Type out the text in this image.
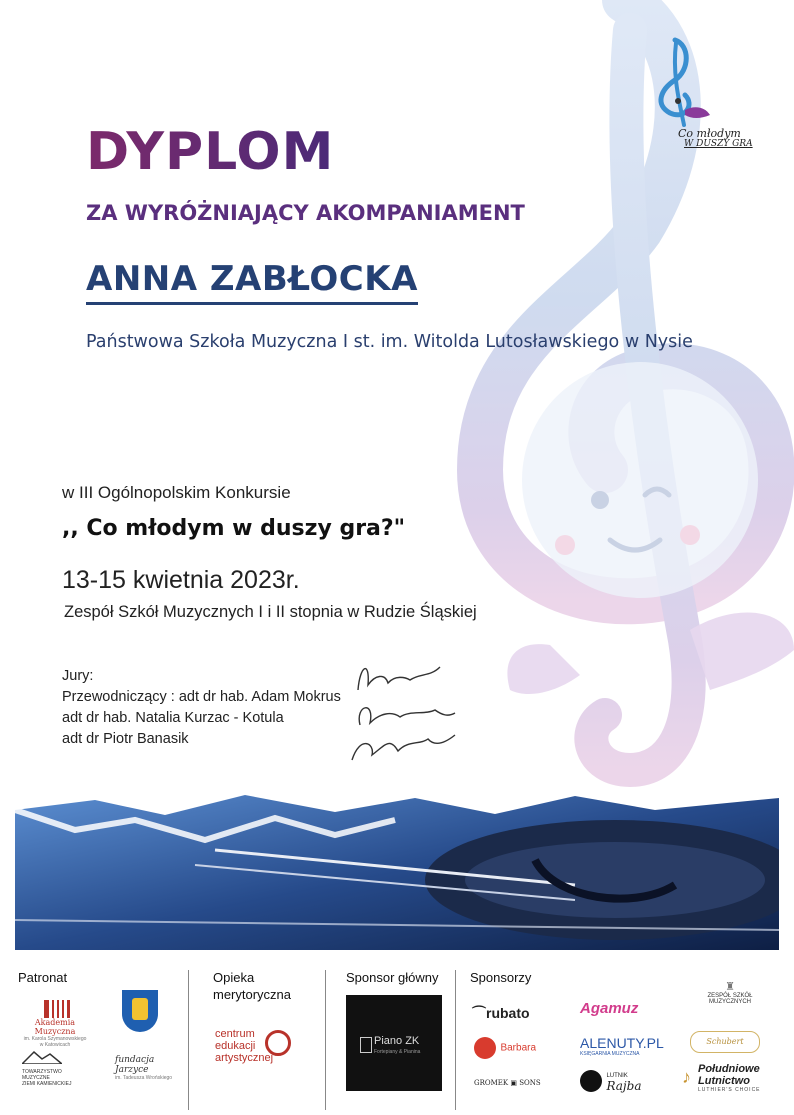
Co młodym
W DUSZY GRA
DYPLOM
ZA WYRÓŻNIAJĄCY AKOMPANIAMENT
ANNA ZABŁOCKA
Państwowa Szkoła Muzyczna I st. im. Witolda Lutosławskiego w Nysie
w III Ogólnopolskim Konkursie
,, Co młodym w duszy gra?"
13-15 kwietnia 2023r.
Zespół Szkół Muzycznych I i II stopnia w Rudzie Śląskiej
Jury:
Przewodniczący : adt dr hab. Adam Mokrus
adt dr hab. Natalia Kurzac - Kotula
adt dr Piotr Banasik
Patronat	Opieka
merytoryczna
Sponsor główny Sponsorzy
Akademia Muzyczna
im. Karola Szymanowskiego
w Katowicach
TOWARZYSTWO
MUZYCZNE
ZIEMI KAMIENICKIEJ
fundacja
Jarzyce
im. Tadeusza Wrońskiego
centrum
edukacji
artystycznej
Piano ZK
Fortepiany & Pianina
⌒rubato	Agamuz
Barbara	ALENUTY.PL
KSIĘGARNIA MUZYCZNA
GROMEK ▣ SONS

LUTNIK
Rajba
♜
ZESPÓŁ SZKÓŁ
MUZYCZNYCH
Schubert
♪ Południowe
Lutnictwo
LUTHIER'S CHOICE
